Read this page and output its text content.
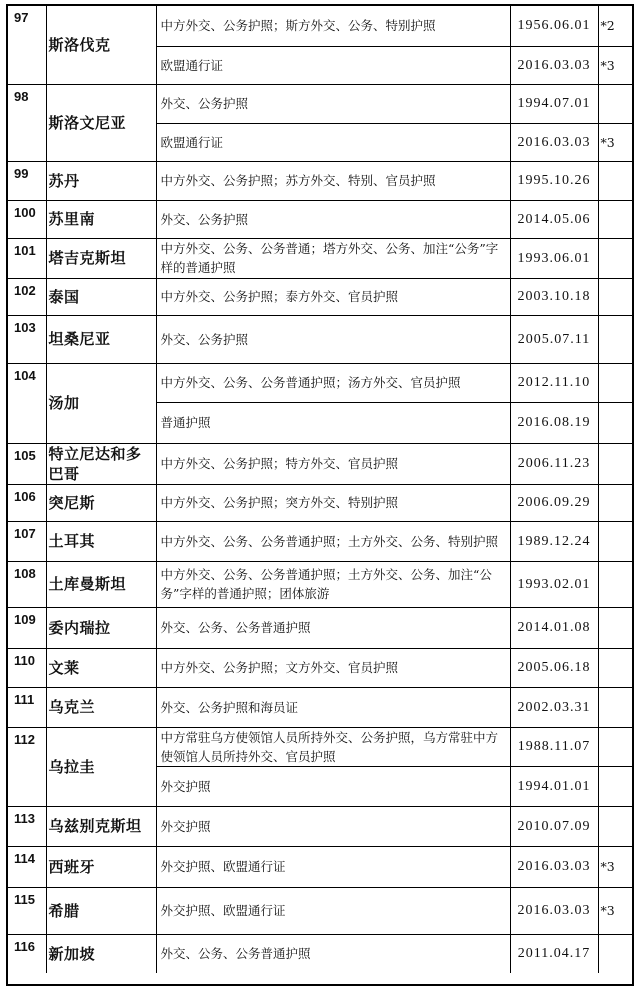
97	斯洛伐克	中方外交、公务护照；斯方外交、公务、特别护照	1956.06.01	*2
		欧盟通行证	2016.03.03	*3
98	斯洛文尼亚	外交、公务护照	1994.07.01	
		欧盟通行证	2016.03.03	*3
99	苏丹	中方外交、公务护照；苏方外交、特别、官员护照	1995.10.26	
100	苏里南	外交、公务护照	2014.05.06	
101	塔吉克斯坦	中方外交、公务、公务普通；塔方外交、公务、加注“公务”字样的普通护照	1993.06.01	
102	泰国	中方外交、公务护照；泰方外交、官员护照	2003.10.18	
103	坦桑尼亚	外交、公务护照	2005.07.11	
104	汤加	中方外交、公务、公务普通护照；汤方外交、官员护照	2012.11.10	
		普通护照	2016.08.19	
105	特立尼达和多巴哥	中方外交、公务护照；特方外交、官员护照	2006.11.23	
106	突尼斯	中方外交、公务护照；突方外交、特别护照	2006.09.29	
107	土耳其	中方外交、公务、公务普通护照；土方外交、公务、特别护照	1989.12.24	
108	土库曼斯坦	中方外交、公务、公务普通护照；土方外交、公务、加注“公务”字样的普通护照；团体旅游	1993.02.01	
109	委内瑞拉	外交、公务、公务普通护照	2014.01.08	
110	文莱	中方外交、公务护照；文方外交、官员护照	2005.06.18	
111	乌克兰	外交、公务护照和海员证	2002.03.31	
112	乌拉圭	中方常驻乌方使领馆人员所持外交、公务护照，乌方常驻中方使领馆人员所持外交、官员护照	1988.11.07	
		外交护照	1994.01.01	
113	乌兹别克斯坦	外交护照	2010.07.09	
114	西班牙	外交护照、欧盟通行证	2016.03.03	*3
115	希腊	外交护照、欧盟通行证	2016.03.03	*3
116	新加坡	外交、公务、公务普通护照	2011.04.17	
